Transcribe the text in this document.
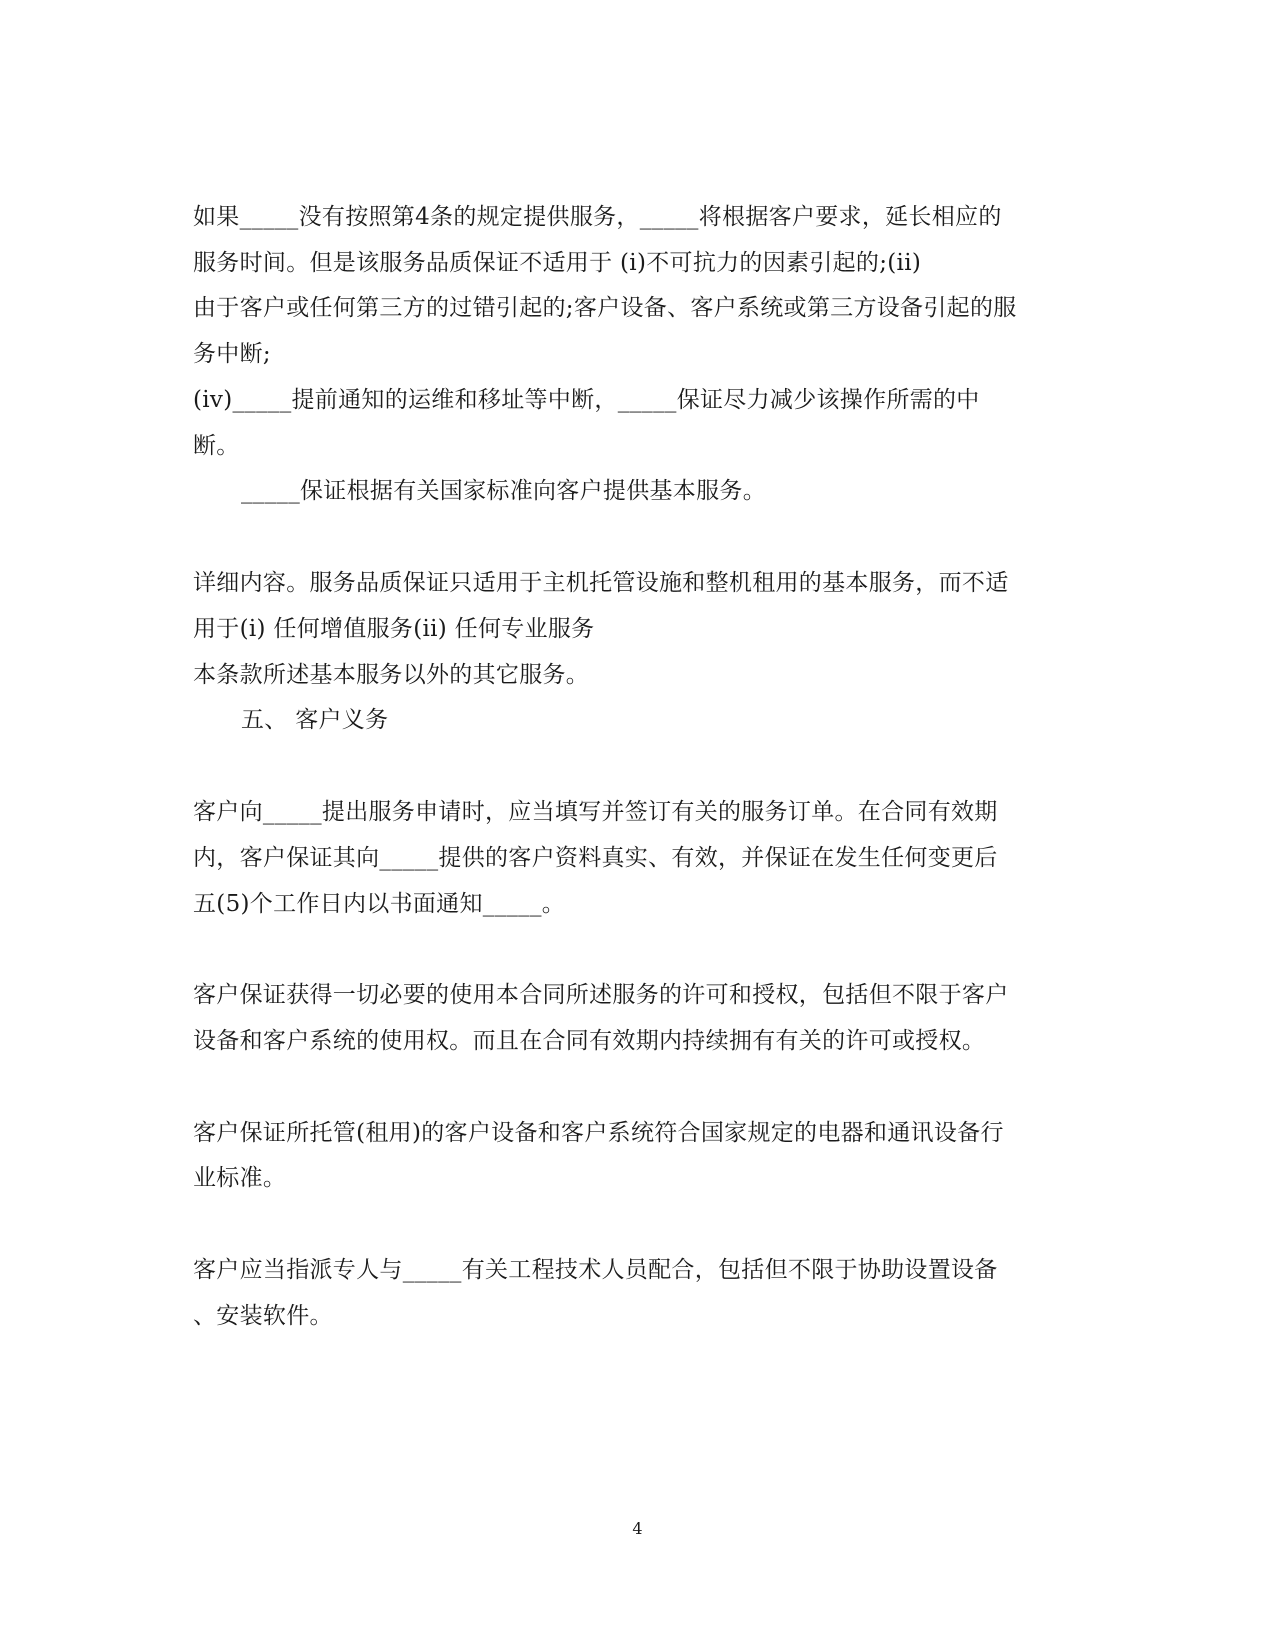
如果_____没有按照第4条的规定提供服务，_____将根据客户要求，延长相应的
服务时间。但是该服务品质保证不适用于 (i)不可抗力的因素引起的;(ii)
由于客户或任何第三方的过错引起的;客户设备、客户系统或第三方设备引起的服
务中断;
(iv)_____提前通知的运维和移址等中断，_____保证尽力减少该操作所需的中
断。
_____保证根据有关国家标准向客户提供基本服务。
详细内容。服务品质保证只适用于主机托管设施和整机租用的基本服务，而不适
用于(i) 任何增值服务(ii) 任何专业服务
本条款所述基本服务以外的其它服务。
五、 客户义务
客户向_____提出服务申请时，应当填写并签订有关的服务订单。在合同有效期
内，客户保证其向_____提供的客户资料真实、有效，并保证在发生任何变更后
五(5)个工作日内以书面通知_____。
客户保证获得一切必要的使用本合同所述服务的许可和授权，包括但不限于客户
设备和客户系统的使用权。而且在合同有效期内持续拥有有关的许可或授权。
客户保证所托管(租用)的客户设备和客户系统符合国家规定的电器和通讯设备行
业标准。
客户应当指派专人与_____有关工程技术人员配合，包括但不限于协助设置设备
、安装软件。
4
